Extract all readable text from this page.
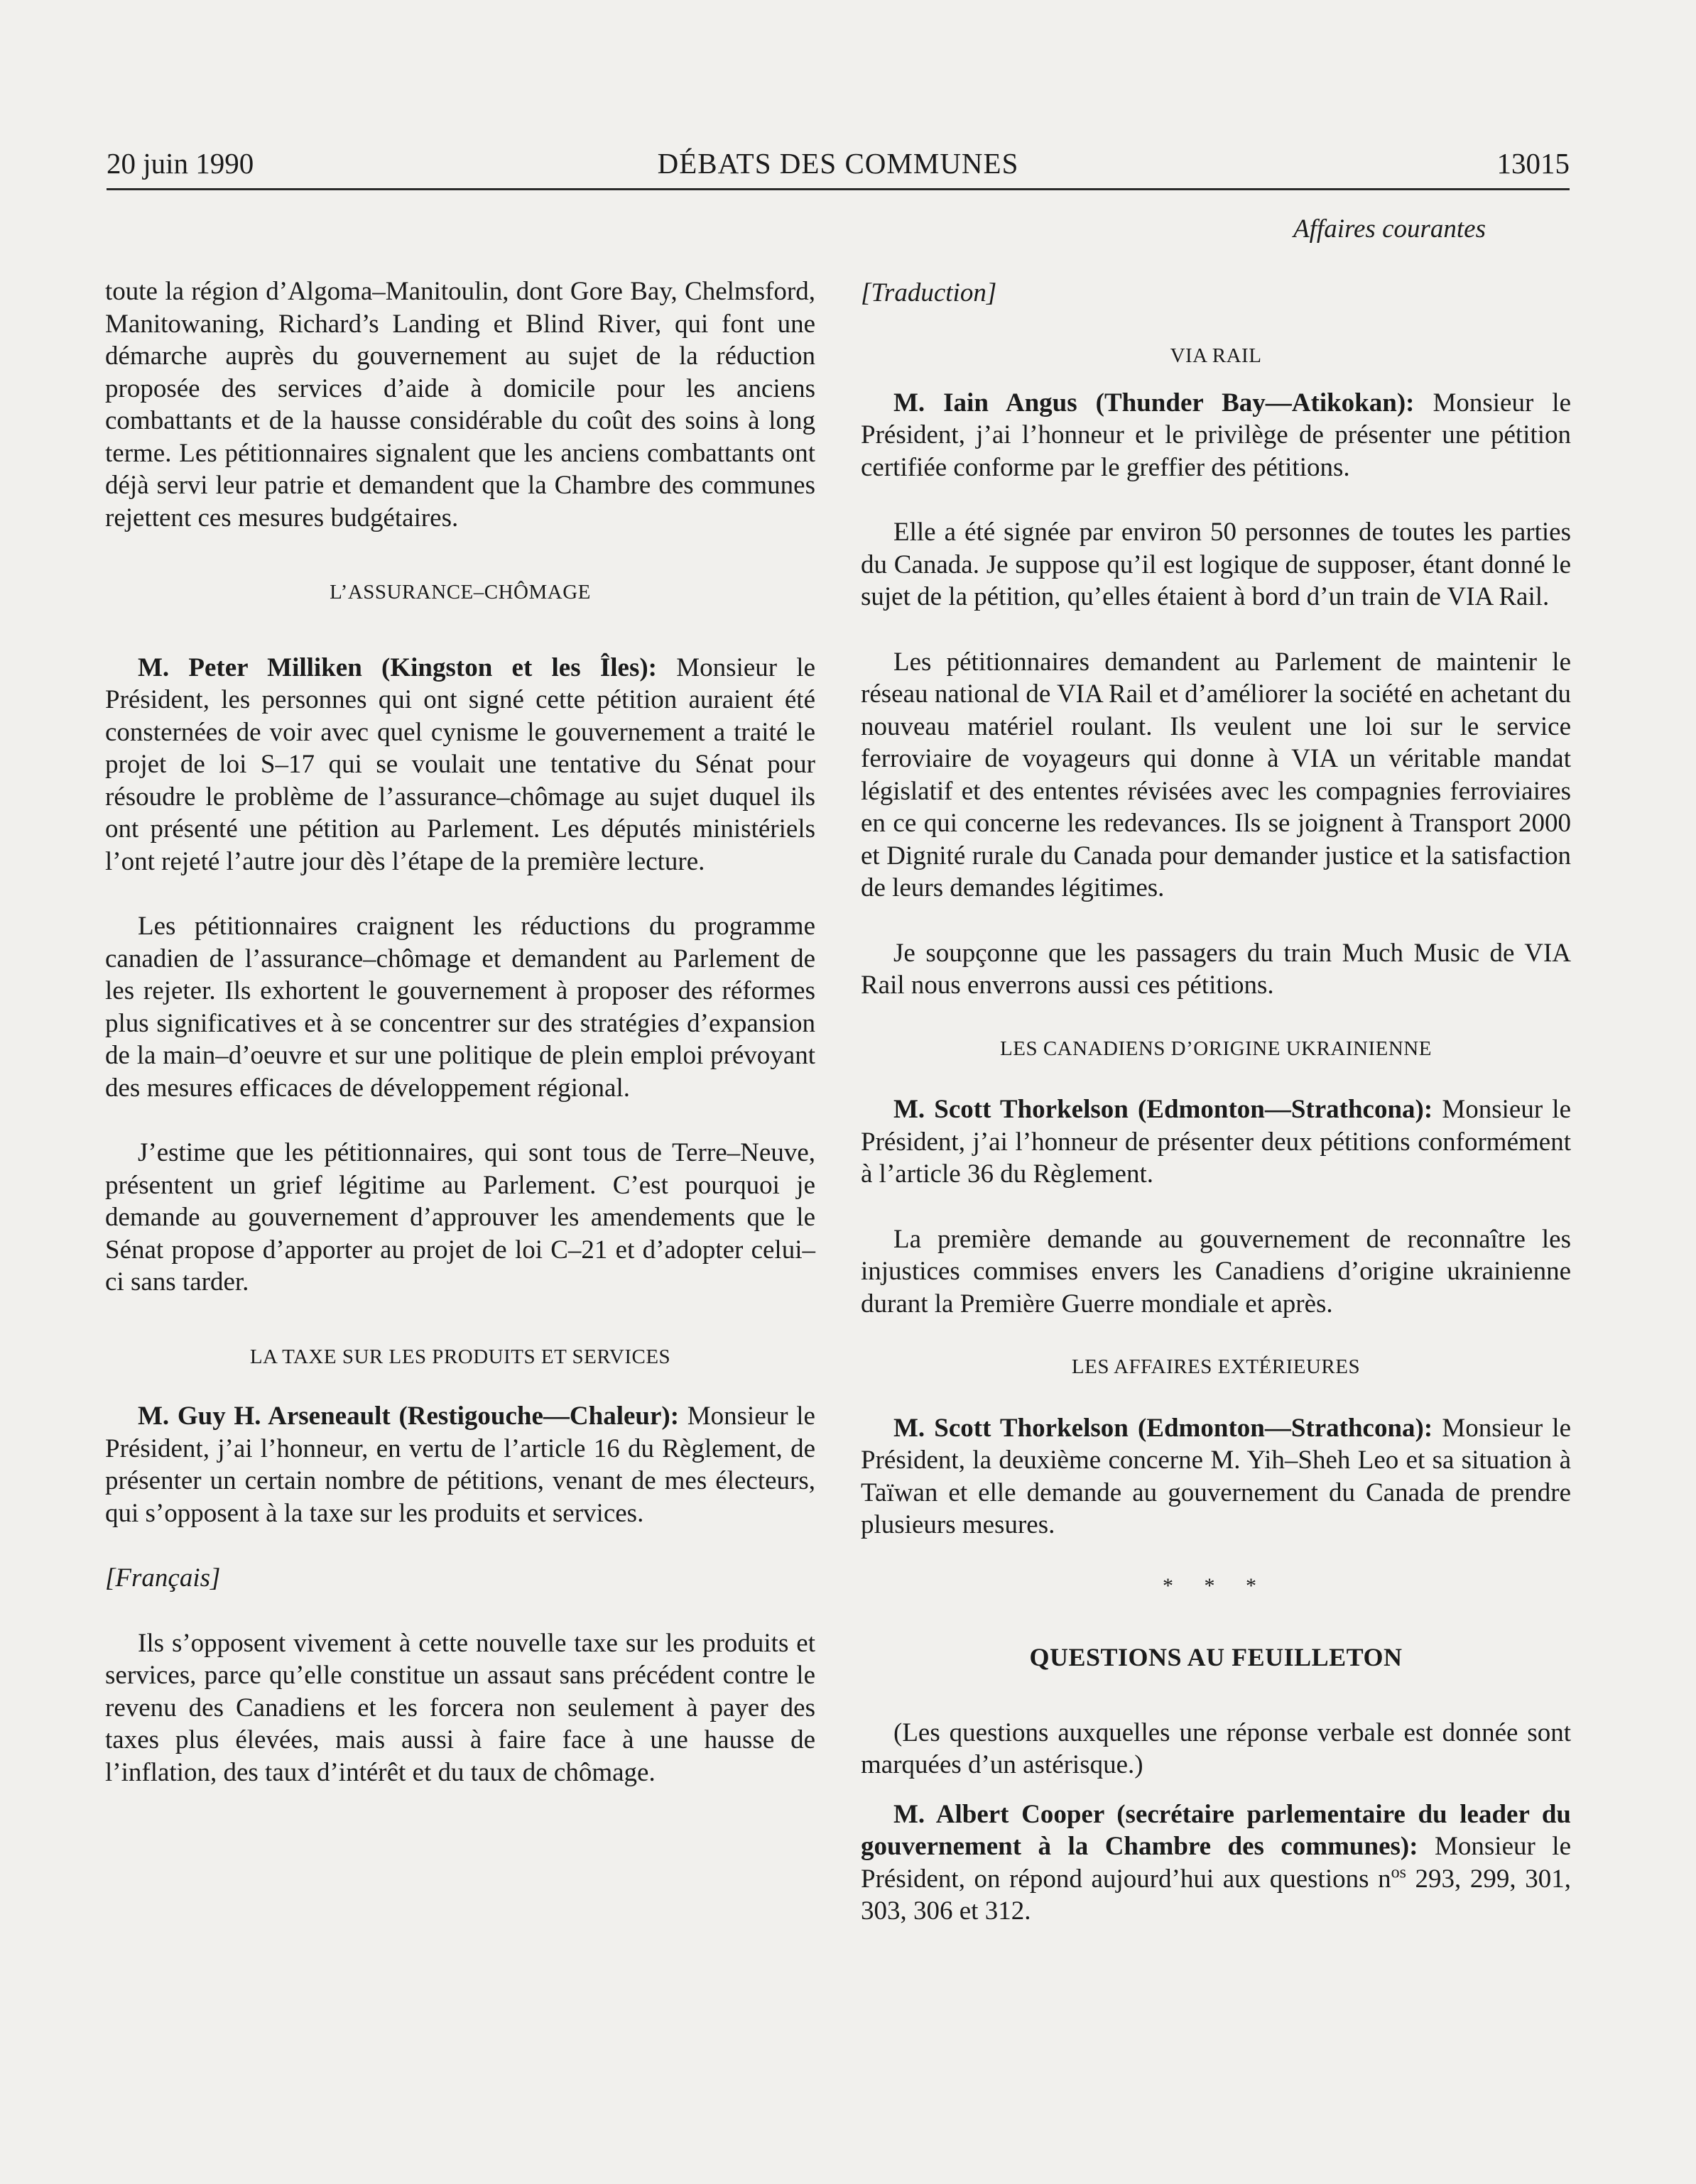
20 juin 1990	DÉBATS DES COMMUNES	13015

toute la région d’Algoma–Manitoulin, dont Gore Bay, Chelmsford, Manitowaning, Richard’s Landing et Blind River, qui font une démarche auprès du gouvernement au sujet de la réduction proposée des services d’aide à domicile pour les anciens combattants et de la hausse considérable du coût des soins à long terme. Les pétitionnaires signalent que les anciens combattants ont déjà servi leur patrie et demandent que la Chambre des communes rejettent ces mesures budgétaires.

L’ASSURANCE–CHÔMAGE

M. Peter Milliken (Kingston et les Îles): Monsieur le Président, les personnes qui ont signé cette pétition auraient été consternées de voir avec quel cynisme le gouvernement a traité le projet de loi S–17 qui se voulait une tentative du Sénat pour résoudre le problème de l’assurance–chômage au sujet duquel ils ont présenté une pétition au Parlement. Les députés ministériels l’ont rejeté l’autre jour dès l’étape de la première lecture.

Les pétitionnaires craignent les réductions du programme canadien de l’assurance–chômage et demandent au Parlement de les rejeter. Ils exhortent le gouvernement à proposer des réformes plus significatives et à se concentrer sur des stratégies d’expansion de la main–d’oeuvre et sur une politique de plein emploi prévoyant des mesures efficaces de développement régional.

J’estime que les pétitionnaires, qui sont tous de Terre–Neuve, présentent un grief légitime au Parlement. C’est pourquoi je demande au gouvernement d’approuver les amendements que le Sénat propose d’apporter au projet de loi C–21 et d’adopter celui–ci sans tarder.

LA TAXE SUR LES PRODUITS ET SERVICES

M. Guy H. Arseneault (Restigouche—Chaleur): Monsieur le Président, j’ai l’honneur, en vertu de l’article 16 du Règlement, de présenter un certain nombre de pétitions, venant de mes électeurs, qui s’opposent à la taxe sur les produits et services.

[Français]

Ils s’opposent vivement à cette nouvelle taxe sur les produits et services, parce qu’elle constitue un assaut sans précédent contre le revenu des Canadiens et les forcera non seulement à payer des taxes plus élevées, mais aussi à faire face à une hausse de l’inflation, des taux d’intérêt et du taux de chômage.

Affaires courantes

[Traduction]

VIA RAIL

M. Iain Angus (Thunder Bay—Atikokan): Monsieur le Président, j’ai l’honneur et le privilège de présenter une pétition certifiée conforme par le greffier des pétitions.

Elle a été signée par environ 50 personnes de toutes les parties du Canada. Je suppose qu’il est logique de supposer, étant donné le sujet de la pétition, qu’elles étaient à bord d’un train de VIA Rail.

Les pétitionnaires demandent au Parlement de maintenir le réseau national de VIA Rail et d’améliorer la société en achetant du nouveau matériel roulant. Ils veulent une loi sur le service ferroviaire de voyageurs qui donne à VIA un véritable mandat législatif et des ententes révisées avec les compagnies ferroviaires en ce qui concerne les redevances. Ils se joignent à Transport 2000 et Dignité rurale du Canada pour demander justice et la satisfaction de leurs demandes légitimes.

Je soupçonne que les passagers du train Much Music de VIA Rail nous enverrons aussi ces pétitions.

LES CANADIENS D’ORIGINE UKRAINIENNE

M. Scott Thorkelson (Edmonton—Strathcona): Monsieur le Président, j’ai l’honneur de présenter deux pétitions conformément à l’article 36 du Règlement.

La première demande au gouvernement de reconnaître les injustices commises envers les Canadiens d’origine ukrainienne durant la Première Guerre mondiale et après.

LES AFFAIRES EXTÉRIEURES

M. Scott Thorkelson (Edmonton—Strathcona): Monsieur le Président, la deuxième concerne M. Yih–Sheh Leo et sa situation à Taïwan et elle demande au gouvernement du Canada de prendre plusieurs mesures.

* * *

QUESTIONS AU FEUILLETON

(Les questions auxquelles une réponse verbale est donnée sont marquées d’un astérisque.)

M. Albert Cooper (secrétaire parlementaire du leader du gouvernement à la Chambre des communes): Monsieur le Président, on répond aujourd’hui aux questions $n^{os}$ 293, 299, 301, 303, 306 et 312.
